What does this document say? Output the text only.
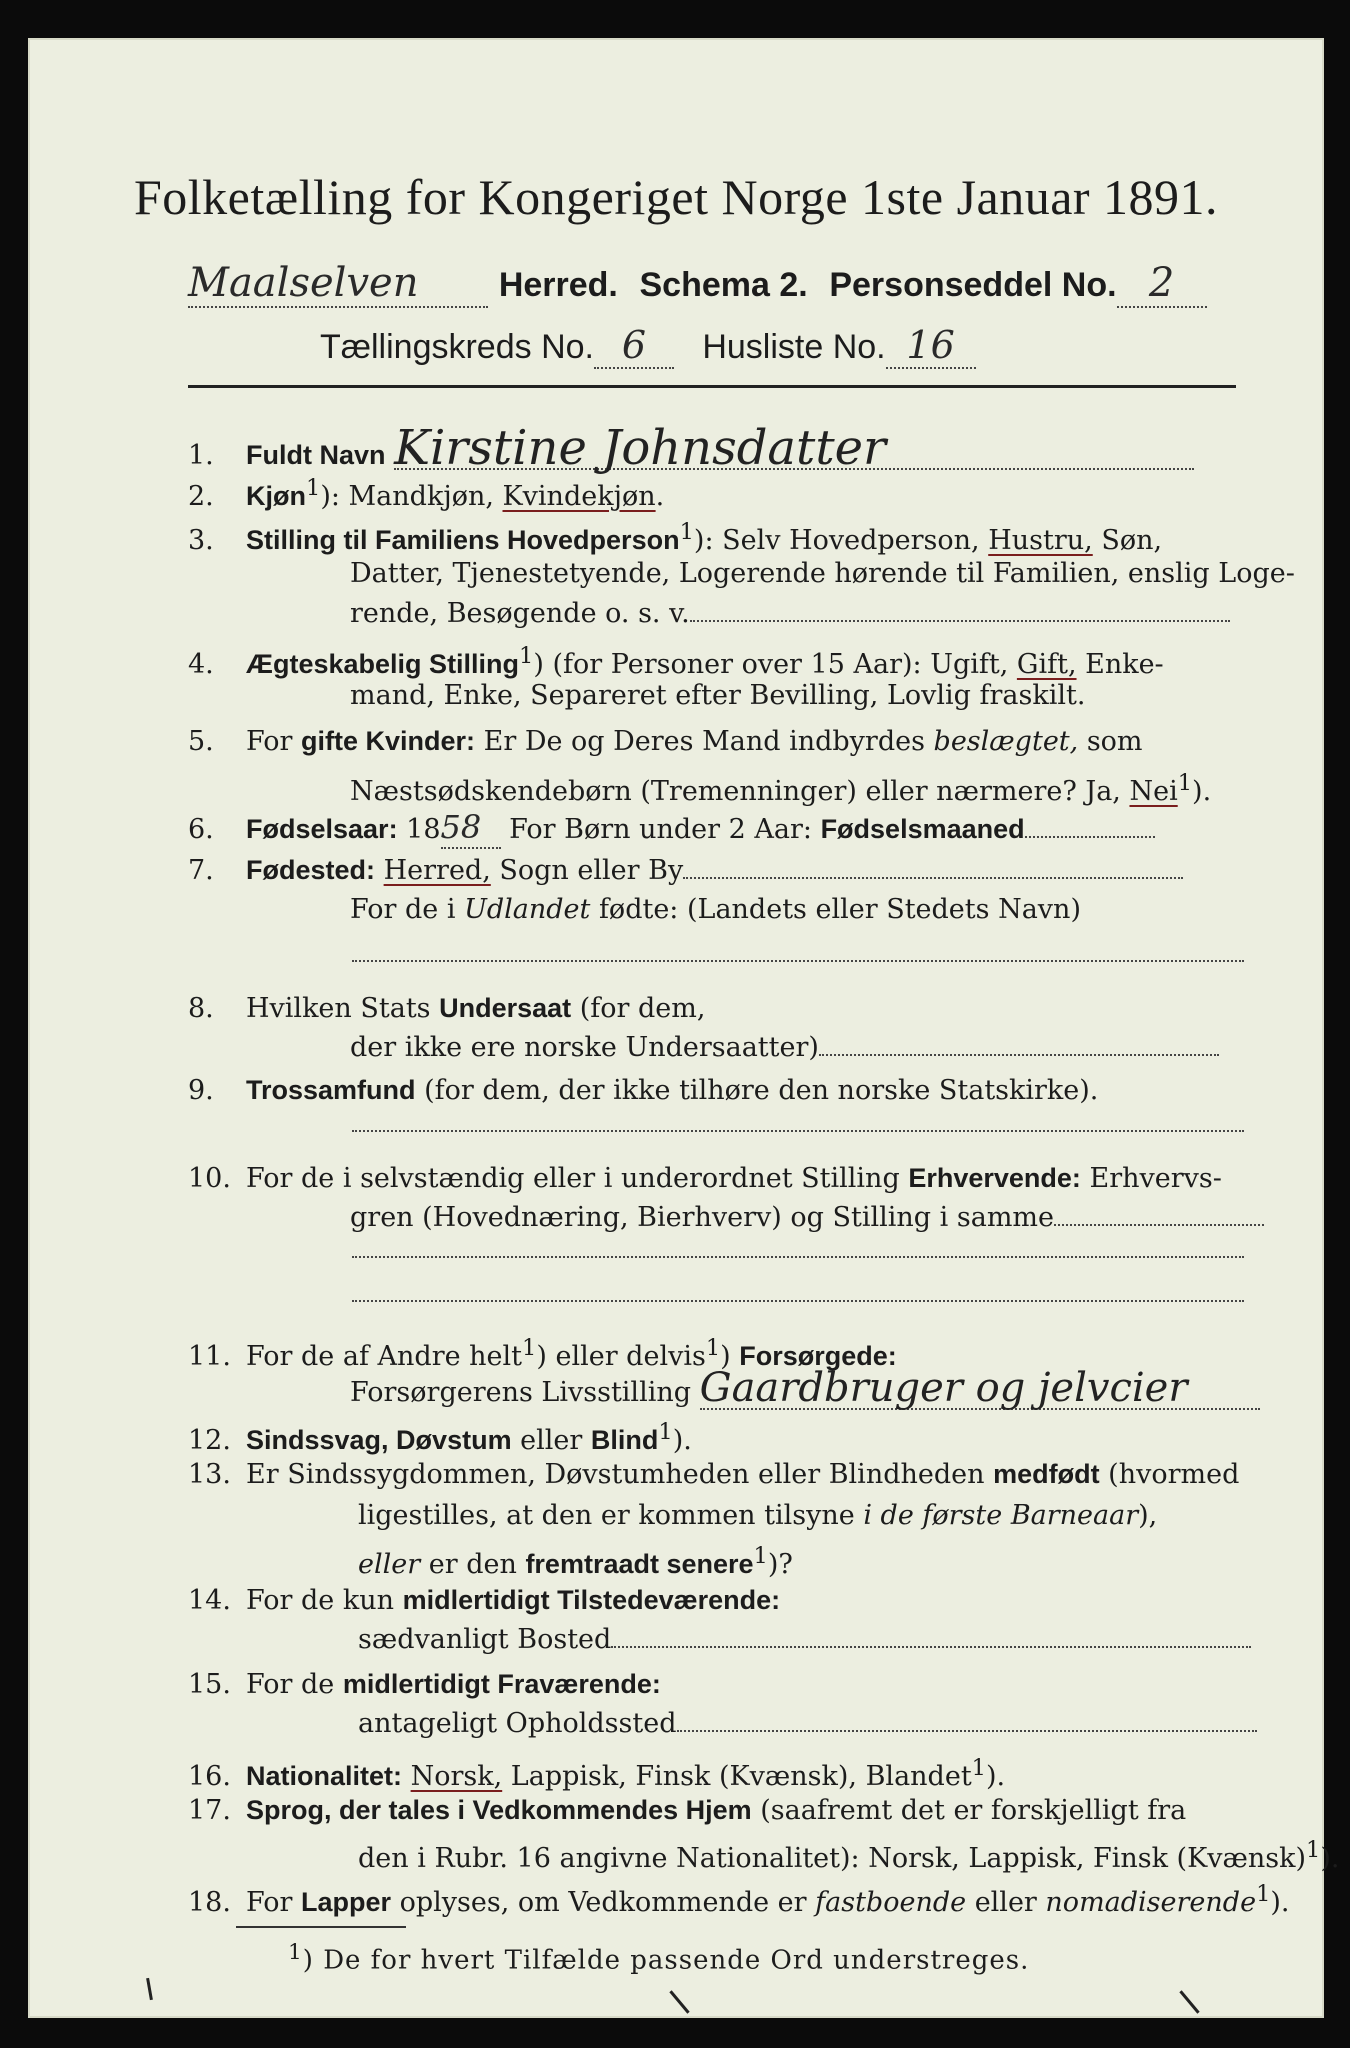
Folketælling for Kongeriget Norge 1ste Januar 1891.
Maalselven Herred. Schema 2. Personseddel No. 2
Tællingskreds No. 6 Husliste No. 16
1. Fuldt Navn Kirstine Johnsdatter
2. Kjøn$^1$): Mandkjøn, Kvindekjøn.
3. Stilling til Familiens Hovedperson$^1$): Selv Hovedperson, Hustru, Søn,
Datter, Tjenestetyende, Logerende hørende til Familien, enslig Loge-
rende, Besøgende o. s. v.
4. Ægteskabelig Stilling$^1$) (for Personer over 15 Aar): Ugift, Gift, Enke-
mand, Enke, Separeret efter Bevilling, Lovlig fraskilt.
5. For gifte Kvinder: Er De og Deres Mand indbyrdes beslægtet, som
Næstsødskendebørn (Tremenninger) eller nærmere? Ja, Nei$^1$).
6. Fødselsaar: 1858 For Børn under 2 Aar: Fødselsmaaned
7. Fødested: Herred, Sogn eller By
For de i Udlandet fødte: (Landets eller Stedets Navn)
8. Hvilken Stats Undersaat (for dem,
der ikke ere norske Undersaatter)
9. Trossamfund (for dem, der ikke tilhøre den norske Statskirke).
10. For de i selvstændig eller i underordnet Stilling Erhvervende: Erhvervs-
gren (Hovednæring, Bierhverv) og Stilling i samme
11. For de af Andre helt$^1$) eller delvis$^1$) Forsørgede:
Forsørgerens Livsstilling Gaardbruger og jelvcier
12. Sindssvag, Døvstum eller Blind$^1$).
13. Er Sindssygdommen, Døvstumheden eller Blindheden medfødt (hvormed
ligestilles, at den er kommen tilsyne i de første Barneaar),
eller er den fremtraadt senere$^1$)?
14. For de kun midlertidigt Tilstedeværende:
sædvanligt Bosted
15. For de midlertidigt Fraværende:
antageligt Opholdssted
16. Nationalitet: Norsk, Lappisk, Finsk (Kvænsk), Blandet$^1$).
17. Sprog, der tales i Vedkommendes Hjem (saafremt det er forskjelligt fra
den i Rubr. 16 angivne Nationalitet): Norsk, Lappisk, Finsk (Kvænsk)$^1$).
18. For Lapper oplyses, om Vedkommende er fastboende eller nomadiserende$^1$).
$^1$) De for hvert Tilfælde passende Ord understreges.
